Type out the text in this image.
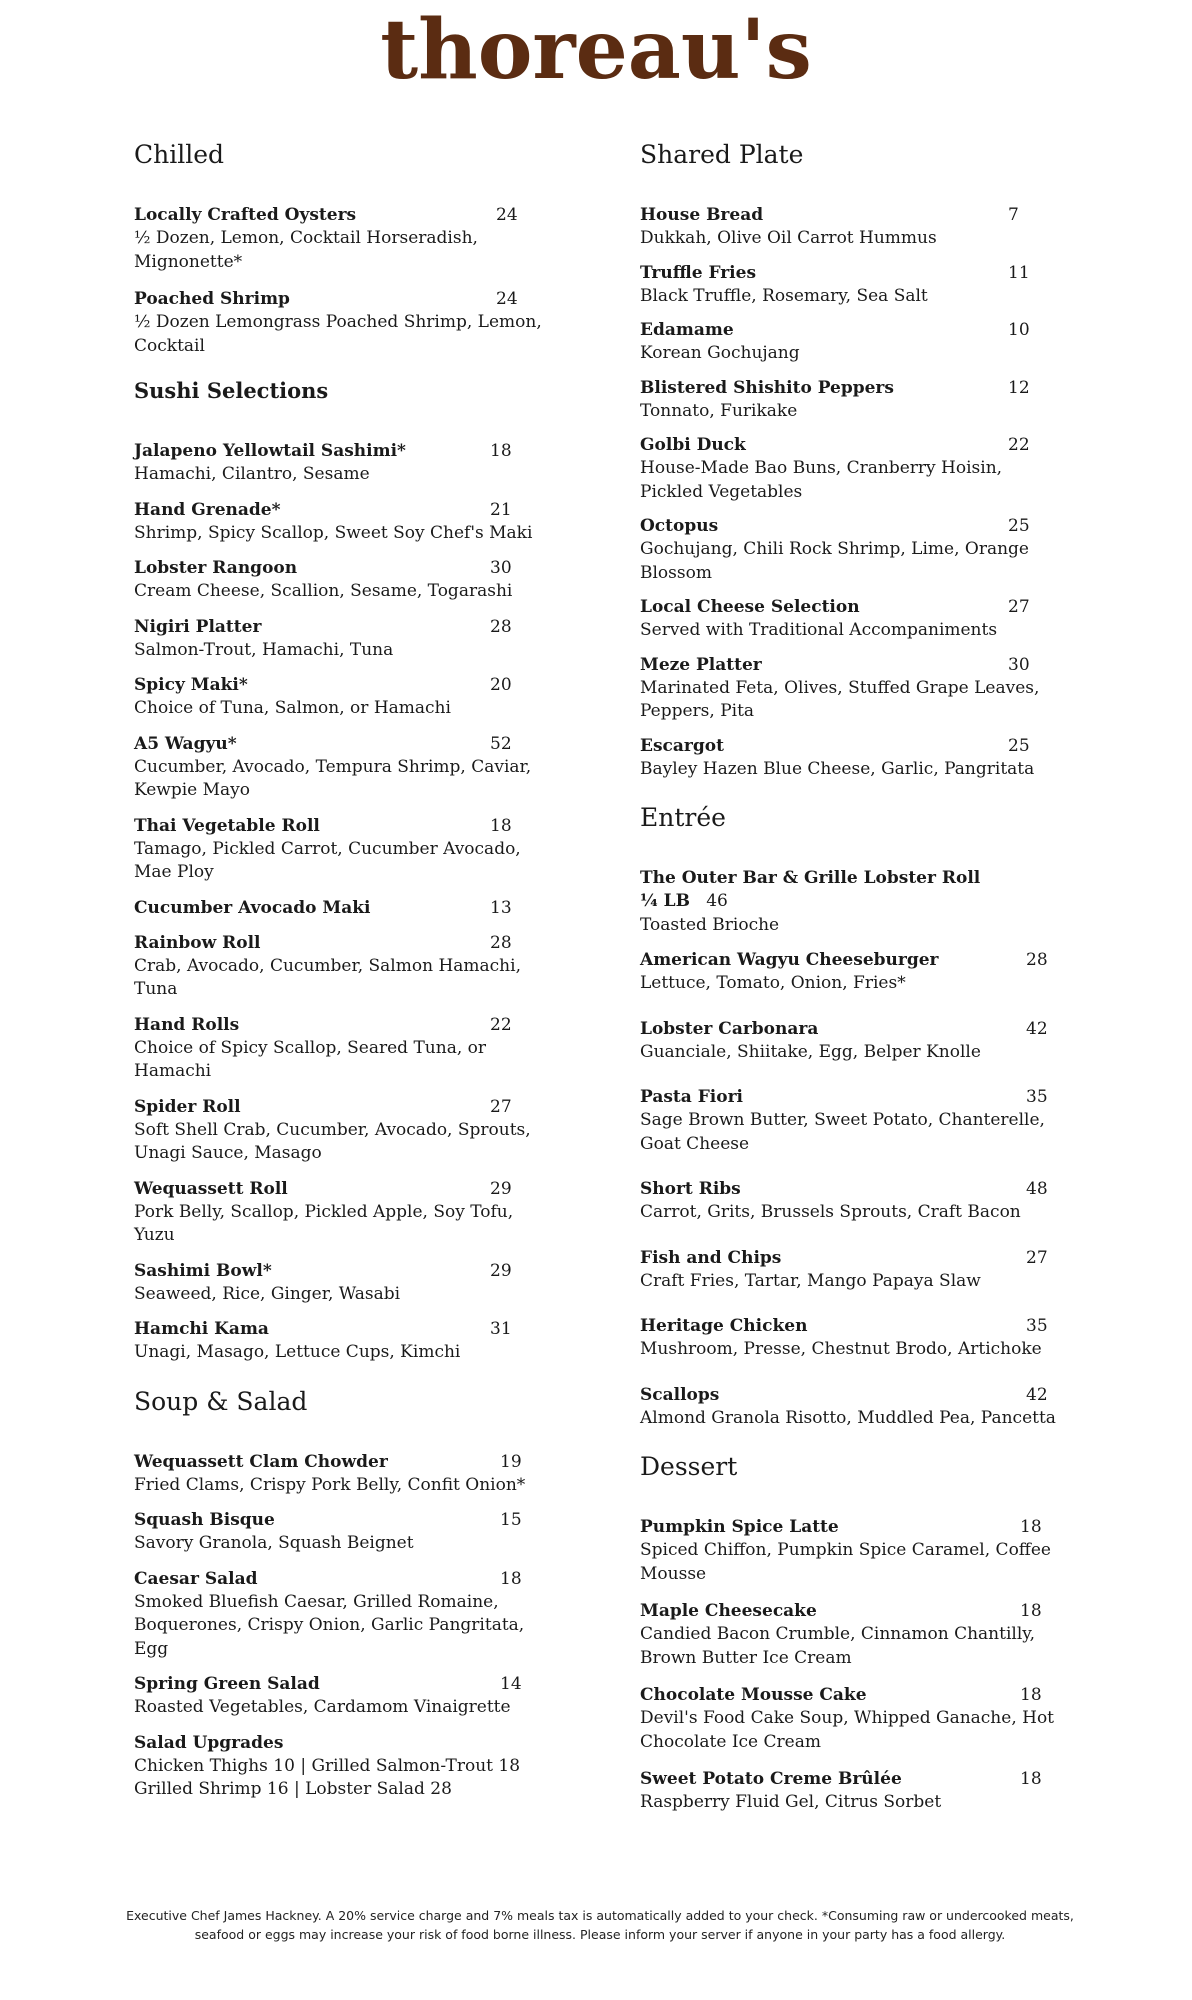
thoreau's
Chilled
Locally Crafted Oysters	24
½ Dozen, Lemon, Cocktail Horseradish, Mignonette*
Poached Shrimp	24
½ Dozen Lemongrass Poached Shrimp, Lemon, Cocktail
Sushi Selections
Jalapeno Yellowtail Sashimi*	18
Hamachi, Cilantro, Sesame
Hand Grenade*	21
Shrimp, Spicy Scallop, Sweet Soy Chef's Maki
Lobster Rangoon	30
Cream Cheese, Scallion, Sesame, Togarashi
Nigiri Platter	28
Salmon-Trout, Hamachi, Tuna
Spicy Maki*	20
Choice of Tuna, Salmon, or Hamachi
A5 Wagyu*	52
Cucumber, Avocado, Tempura Shrimp, Caviar, Kewpie Mayo
Thai Vegetable Roll	18
Tamago, Pickled Carrot, Cucumber Avocado, Mae Ploy
Cucumber Avocado Maki	13
Rainbow Roll	28
Crab, Avocado, Cucumber, Salmon Hamachi, Tuna
Hand Rolls	22
Choice of Spicy Scallop, Seared Tuna, or Hamachi
Spider Roll	27
Soft Shell Crab, Cucumber, Avocado, Sprouts, Unagi Sauce, Masago
Wequassett Roll	29
Pork Belly, Scallop, Pickled Apple, Soy Tofu, Yuzu
Sashimi Bowl*	29
Seaweed, Rice, Ginger, Wasabi
Hamchi Kama	31
Unagi, Masago, Lettuce Cups, Kimchi
Soup & Salad
Wequassett Clam Chowder	19
Fried Clams, Crispy Pork Belly, Confit Onion*
Squash Bisque	15
Savory Granola, Squash Beignet
Caesar Salad	18
Smoked Bluefish Caesar, Grilled Romaine, Boquerones, Crispy Onion, Garlic Pangritata, Egg
Spring Green Salad	14
Roasted Vegetables, Cardamom Vinaigrette
Salad Upgrades
Chicken Thighs 10 | Grilled Salmon-Trout 18 Grilled Shrimp 16 | Lobster Salad 28
Shared Plate
House Bread	7
Dukkah, Olive Oil Carrot Hummus
Truffle Fries	11
Black Truffle, Rosemary, Sea Salt
Edamame	10
Korean Gochujang
Blistered Shishito Peppers	12
Tonnato, Furikake
Golbi Duck	22
House-Made Bao Buns, Cranberry Hoisin, Pickled Vegetables
Octopus	25
Gochujang, Chili Rock Shrimp, Lime, Orange Blossom
Local Cheese Selection	27
Served with Traditional Accompaniments
Meze Platter	30
Marinated Feta, Olives, Stuffed Grape Leaves, Peppers, Pita
Escargot	25
Bayley Hazen Blue Cheese, Garlic, Pangritata
Entrée
The Outer Bar & Grille Lobster Roll
¼ LB 46
Toasted Brioche
American Wagyu Cheeseburger	28
Lettuce, Tomato, Onion, Fries*
Lobster Carbonara	42
Guanciale, Shiitake, Egg, Belper Knolle
Pasta Fiori	35
Sage Brown Butter, Sweet Potato, Chanterelle, Goat Cheese
Short Ribs	48
Carrot, Grits, Brussels Sprouts, Craft Bacon
Fish and Chips	27
Craft Fries, Tartar, Mango Papaya Slaw
Heritage Chicken	35
Mushroom, Presse, Chestnut Brodo, Artichoke
Scallops	42
Almond Granola Risotto, Muddled Pea, Pancetta
Dessert
Pumpkin Spice Latte	18
Spiced Chiffon, Pumpkin Spice Caramel, Coffee Mousse
Maple Cheesecake	18
Candied Bacon Crumble, Cinnamon Chantilly, Brown Butter Ice Cream
Chocolate Mousse Cake	18
Devil's Food Cake Soup, Whipped Ganache, Hot Chocolate Ice Cream
Sweet Potato Creme Brûlée	18
Raspberry Fluid Gel, Citrus Sorbet
Executive Chef James Hackney. A 20% service charge and 7% meals tax is automatically added to your check. *Consuming raw or undercooked meats, seafood or eggs may increase your risk of food borne illness. Please inform your server if anyone in your party has a food allergy.
